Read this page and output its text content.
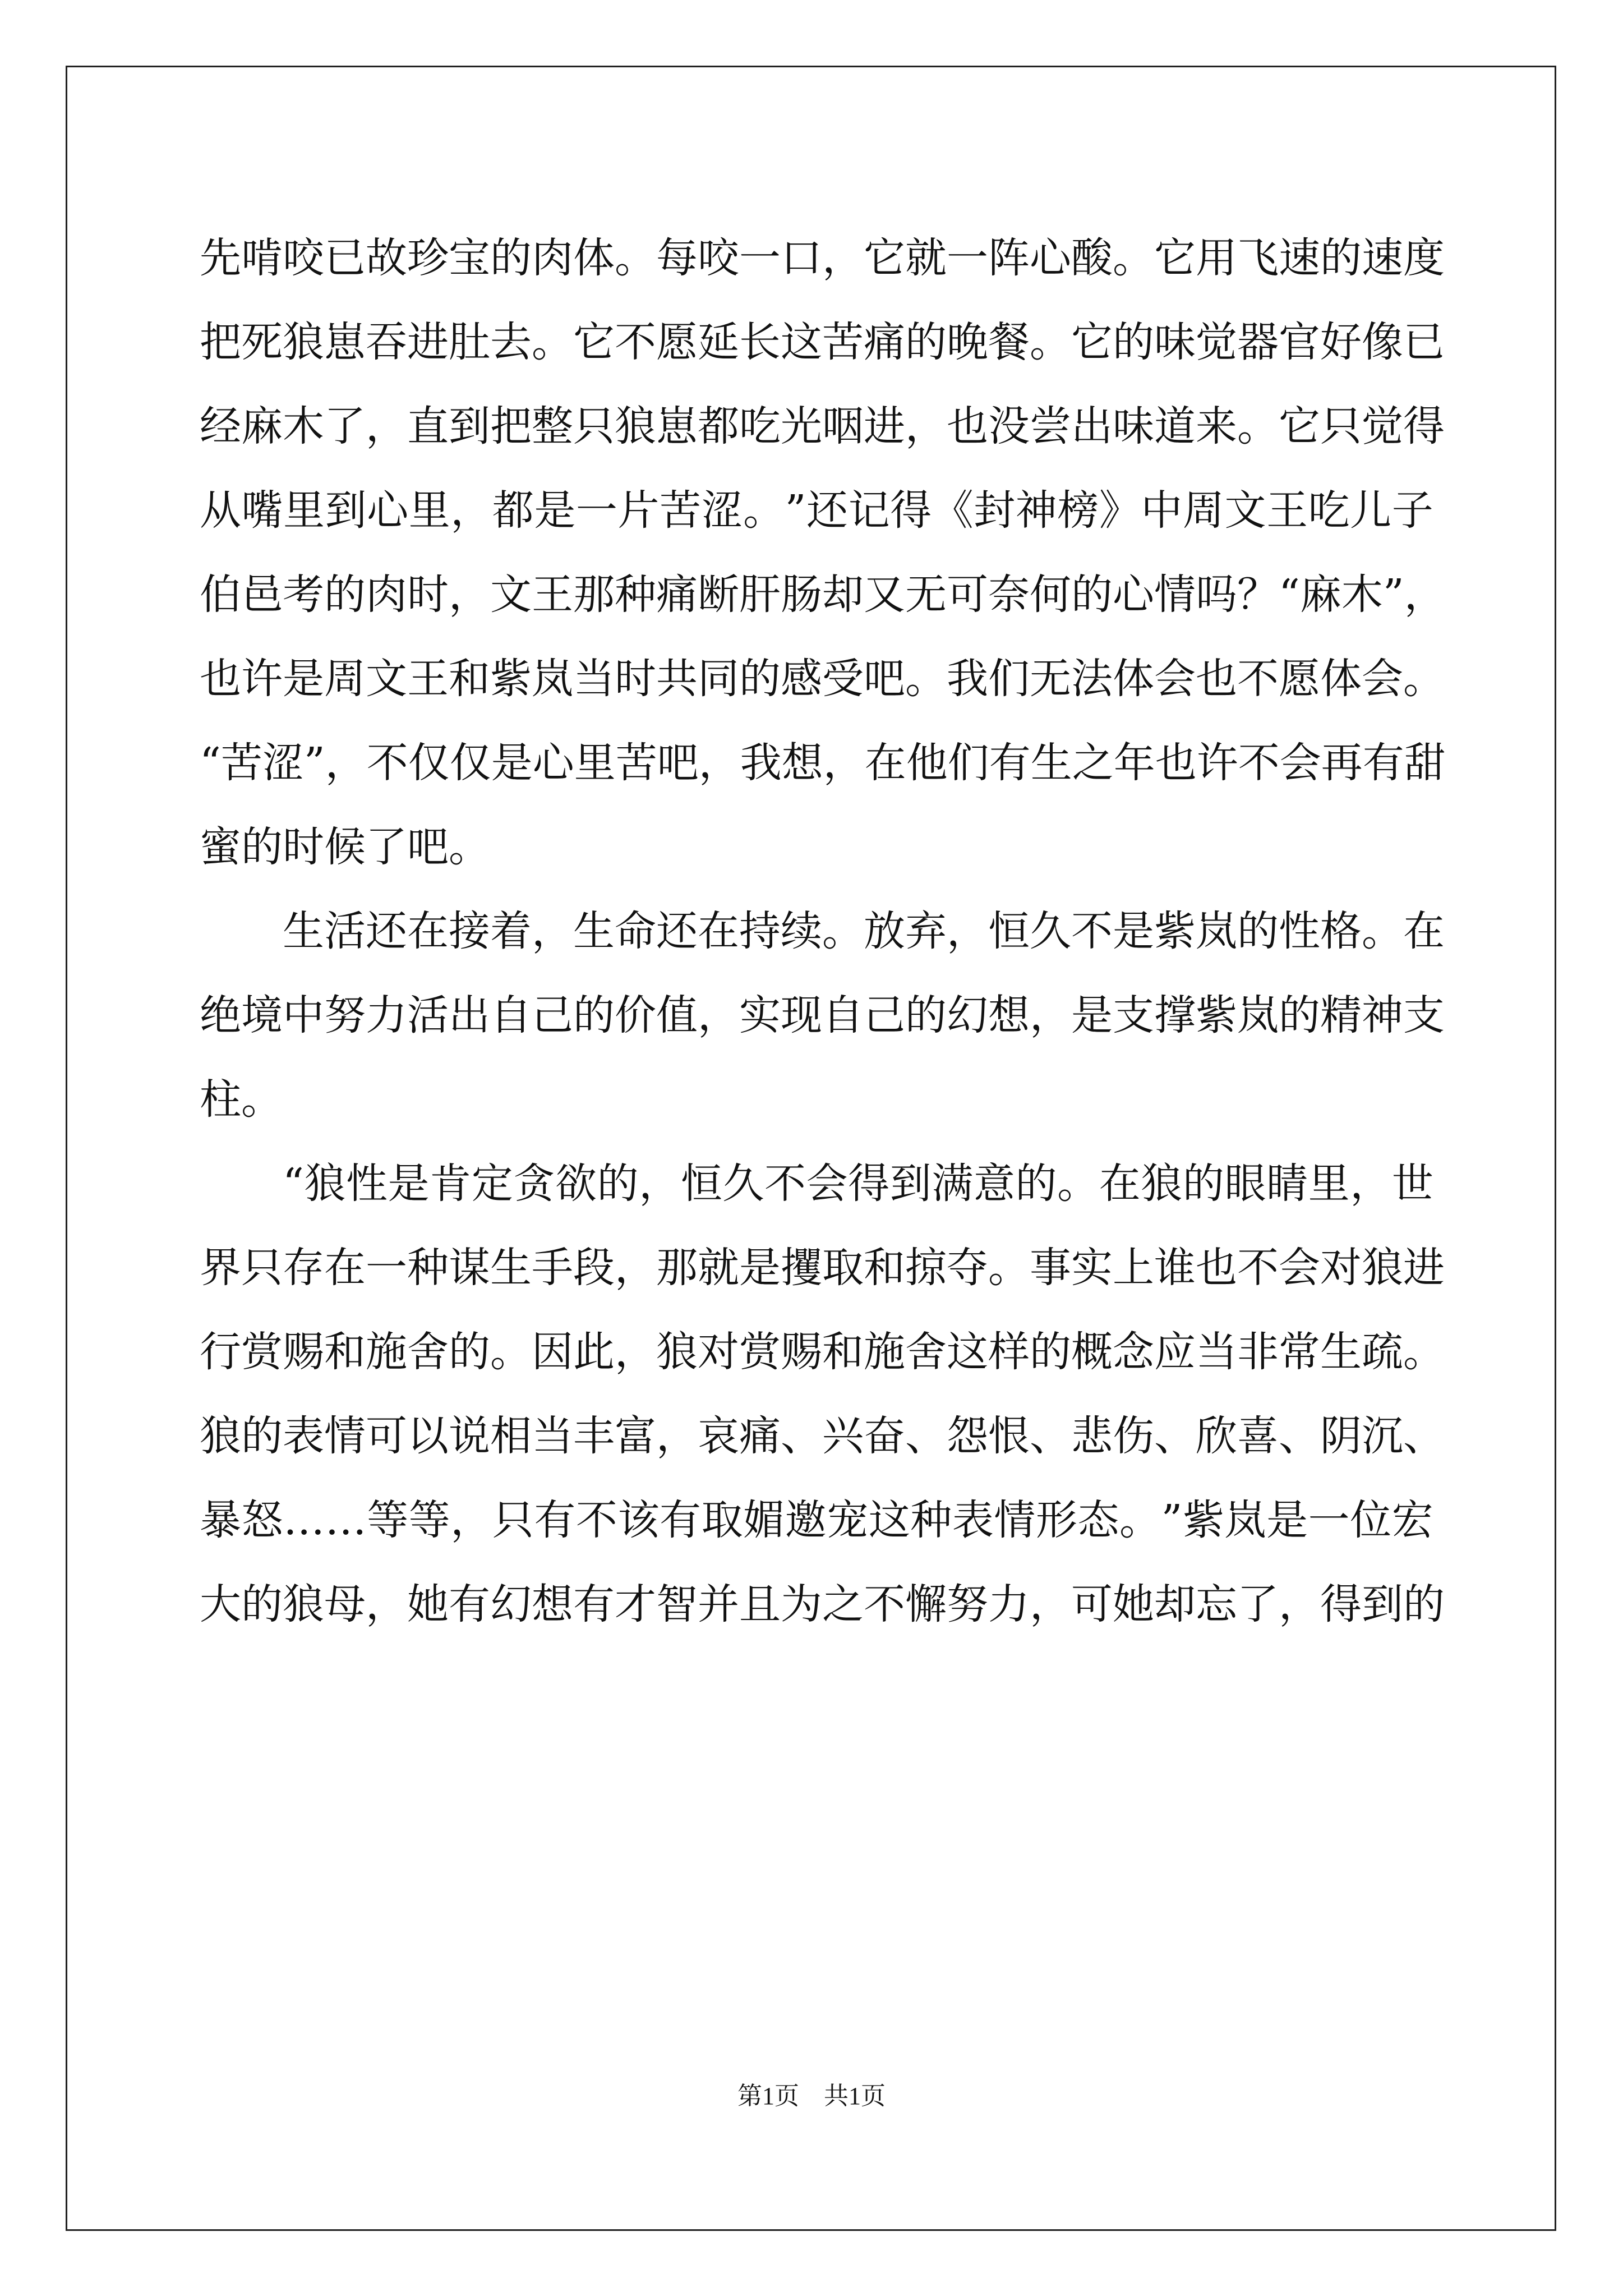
先 啃 咬 已 故 珍 宝 的 肉 体 。 每 咬 一 口 ， 它 就 一 阵 心 酸 。 它 用 飞 速 的 速 度
把 死 狼 崽 吞 进 肚 去 。 它 不 愿 延 长 这 苦 痛 的 晚 餐 。 它 的 味 觉 器 官 好 像 已
经 麻 木 了 ， 直 到 把 整 只 狼 崽 都 吃 光 咽 进 ， 也 没 尝 出 味 道 来 。 它 只 觉 得
从 嘴 里 到 心 里 ， 都 是 一 片 苦 涩 。 ” 还 记 得 《 封 神 榜 》 中 周 文 王 吃 儿 子
伯 邑 考 的 肉 时 ， 文 王 那 种 痛 断 肝 肠 却 又 无 可 奈 何 的 心 情 吗 ？ “ 麻 木 ” ，
也 许 是 周 文 王 和 紫 岚 当 时 共 同 的 感 受 吧 。 我 们 无 法 体 会 也 不 愿 体 会 。
“ 苦 涩 ” ， 不 仅 仅 是 心 里 苦 吧 ， 我 想 ， 在 他 们 有 生 之 年 也 许 不 会 再 有 甜
蜜的时候了吧。
生 活 还 在 接 着 ， 生 命 还 在 持 续 。 放 弃 ， 恒 久 不 是 紫 岚 的 性 格 。 在
绝 境 中 努 力 活 出 自 己 的 价 值 ， 实 现 自 己 的 幻 想 ， 是 支 撑 紫 岚 的 精 神 支
柱。
“ 狼 性 是 肯 定 贪 欲 的 ， 恒 久 不 会 得 到 满 意 的 。 在 狼 的 眼 睛 里 ， 世
界 只 存 在 一 种 谋 生 手 段 ， 那 就 是 攫 取 和 掠 夺 。 事 实 上 谁 也 不 会 对 狼 进
行 赏 赐 和 施 舍 的 。 因 此 ， 狼 对 赏 赐 和 施 舍 这 样 的 概 念 应 当 非 常 生 疏 。
狼 的 表 情 可 以 说 相 当 丰 富 ， 哀 痛 、 兴 奋 、 怨 恨 、 悲 伤 、 欣 喜 、 阴 沉 、
暴 怒 … … 等 等 ， 只 有 不 该 有 取 媚 邀 宠 这 种 表 情 形 态 。 ” 紫 岚 是 一 位 宏
大 的 狼 母 ， 她 有 幻 想 有 才 智 并 且 为 之 不 懈 努 力 ， 可 她 却 忘 了 ， 得 到 的
第1页　共1页
